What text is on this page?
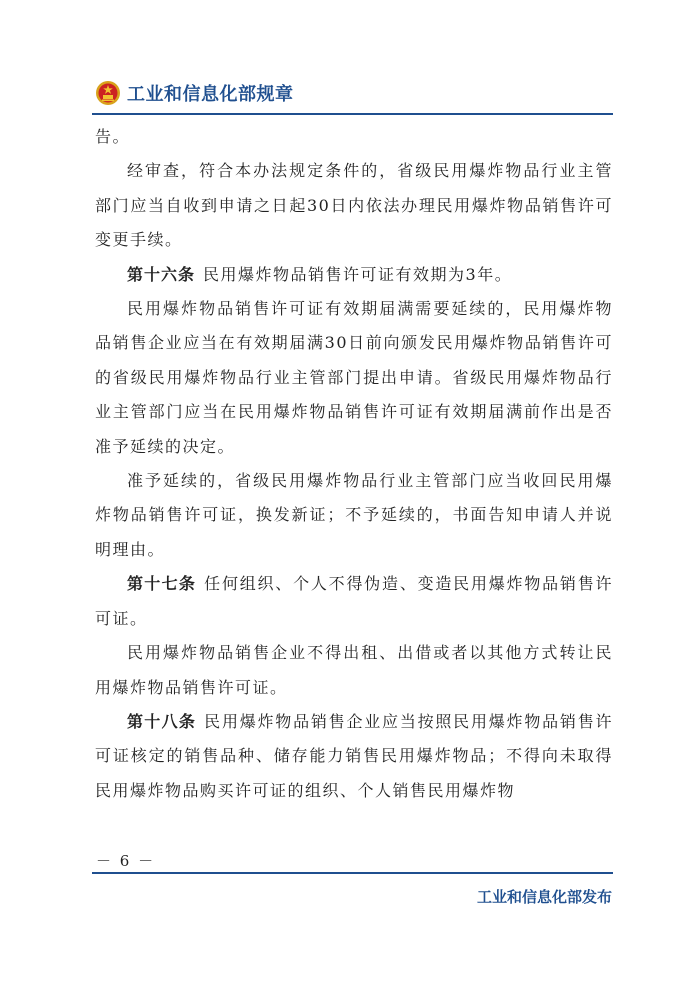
工业和信息化部规章

告。

经审查，符合本办法规定条件的，省级民用爆炸物品行业主管部门应当自收到申请之日起30日内依法办理民用爆炸物品销售许可变更手续。

第十六条 民用爆炸物品销售许可证有效期为3年。

民用爆炸物品销售许可证有效期届满需要延续的，民用爆炸物品销售企业应当在有效期届满30日前向颁发民用爆炸物品销售许可的省级民用爆炸物品行业主管部门提出申请。省级民用爆炸物品行业主管部门应当在民用爆炸物品销售许可证有效期届满前作出是否准予延续的决定。

准予延续的，省级民用爆炸物品行业主管部门应当收回民用爆炸物品销售许可证，换发新证；不予延续的，书面告知申请人并说明理由。

第十七条 任何组织、个人不得伪造、变造民用爆炸物品销售许可证。

民用爆炸物品销售企业不得出租、出借或者以其他方式转让民用爆炸物品销售许可证。

第十八条 民用爆炸物品销售企业应当按照民用爆炸物品销售许可证核定的销售品种、储存能力销售民用爆炸物品；不得向未取得民用爆炸物品购买许可证的组织、个人销售民用爆炸物

－ 6 －
工业和信息化部发布
